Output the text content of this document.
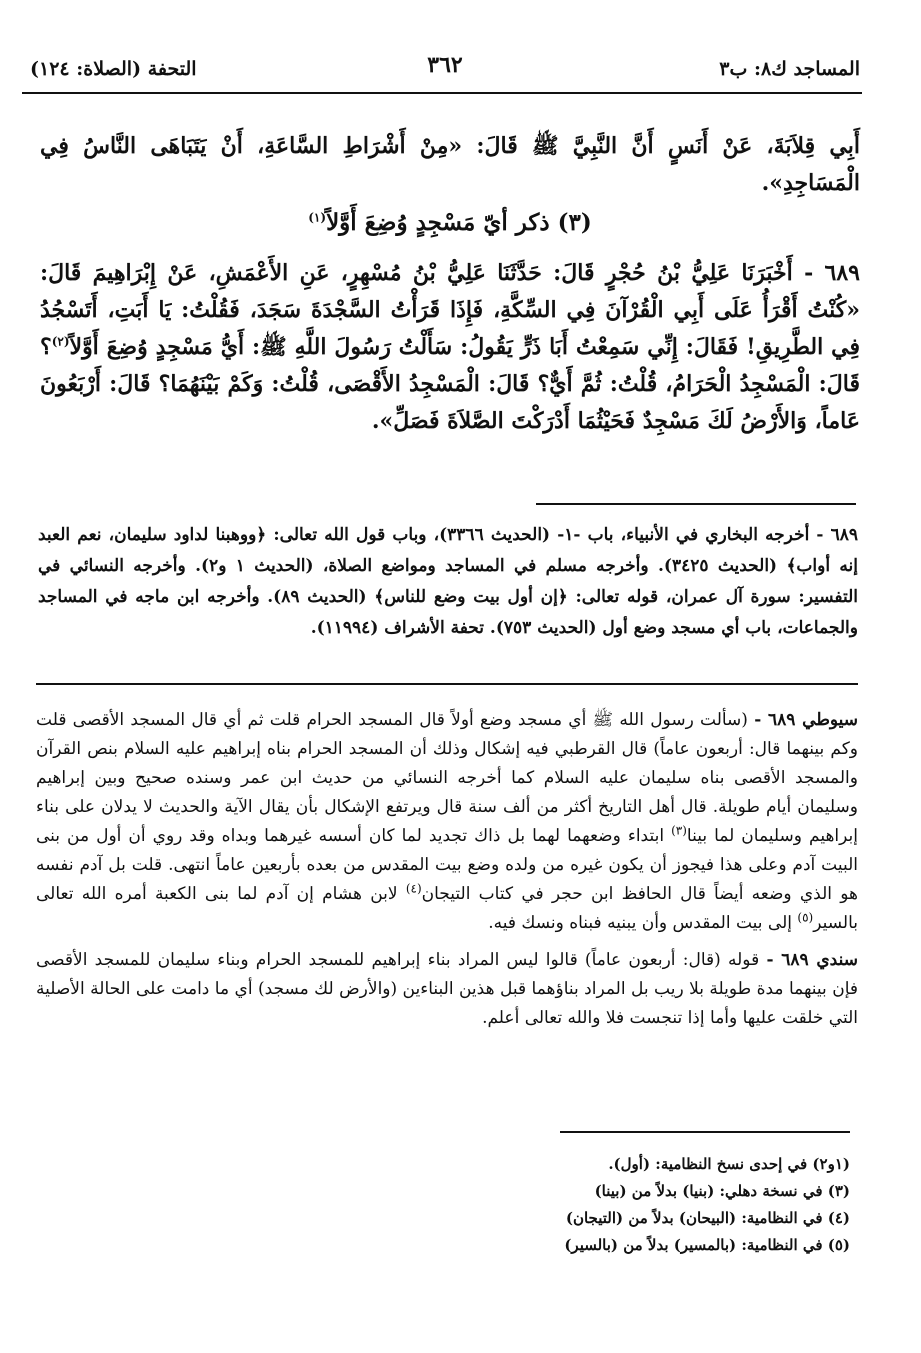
المساجد ك٨: ب٣
٣٦٢
التحفة (الصلاة: ١٢٤)

أَبِي قِلاَبَةَ، عَنْ أَنَسٍ أَنَّ النَّبِيَّ ﷺ قَالَ: «مِنْ أَشْرَاطِ السَّاعَةِ، أَنْ يَتَبَاهَى النَّاسُ فِي الْمَسَاجِدِ».

(٣) ذكر أيّ مَسْجِدٍ وُضِعَ أَوَّلاً$^{(١)}$

٦٨٩ - أَخْبَرَنَا عَلِيُّ بْنُ حُجْرٍ قَالَ: حَدَّثَنَا عَلِيُّ بْنُ مُسْهِرٍ، عَنِ الأَعْمَشِ، عَنْ إِبْرَاهِيمَ قَالَ: «كُنْتُ أَقْرَأُ عَلَى أَبِي الْقُرْآنَ فِي السِّكَّةِ، فَإِذَا قَرَأْتُ السَّجْدَةَ سَجَدَ، فَقُلْتُ: يَا أَبَتِ، أَتَسْجُدُ فِي الطَّرِيقِ! فَقَالَ: إِنِّي سَمِعْتُ أَبَا ذَرٍّ يَقُولُ: سَأَلْتُ رَسُولَ اللَّهِ ﷺ: أَيُّ مَسْجِدٍ وُضِعَ أَوَّلاً$^{(٢)}$؟ قَالَ: الْمَسْجِدُ الْحَرَامُ، قُلْتُ: ثُمَّ أَيٌّ؟ قَالَ: الْمَسْجِدُ الأَقْصَى، قُلْتُ: وَكَمْ بَيْنَهُمَا؟ قَالَ: أَرْبَعُونَ عَاماً، وَالأَرْضُ لَكَ مَسْجِدٌ فَحَيْثُمَا أَدْرَكْتَ الصَّلاَةَ فَصَلِّ».

٦٨٩ - أخرجه البخاري في الأنبياء، باب -١- (الحديث ٣٣٦٦)، وباب قول الله تعالى: ﴿ووهبنا لداود سليمان، نعم العبد إنه أواب﴾ (الحديث ٣٤٢٥). وأخرجه مسلم في المساجد ومواضع الصلاة، (الحديث ١ و٢). وأخرجه النسائي في التفسير: سورة آل عمران، قوله تعالى: ﴿إن أول بيت وضع للناس﴾ (الحديث ٨٩). وأخرجه ابن ماجه في المساجد والجماعات، باب أي مسجد وضع أول (الحديث ٧٥٣). تحفة الأشراف (١١٩٩٤).

سيوطي ٦٨٩ - (سألت رسول الله ﷺ أي مسجد وضع أولاً قال المسجد الحرام قلت ثم أي قال المسجد الأقصى قلت وكم بينهما قال: أربعون عاماً) قال القرطبي فيه إشكال وذلك أن المسجد الحرام بناه إبراهيم عليه السلام بنص القرآن والمسجد الأقصى بناه سليمان عليه السلام كما أخرجه النسائي من حديث ابن عمر وسنده صحيح وبين إبراهيم وسليمان أيام طويلة. قال أهل التاريخ أكثر من ألف سنة قال ويرتفع الإشكال بأن يقال الآية والحديث لا يدلان على بناء إبراهيم وسليمان لما بينا$^{(٣)}$ ابتداء وضعهما لهما بل ذاك تجديد لما كان أسسه غيرهما وبداه وقد روي أن أول من بنى البيت آدم وعلى هذا فيجوز أن يكون غيره من ولده وضع بيت المقدس من بعده بأربعين عاماً انتهى. قلت بل آدم نفسه هو الذي وضعه أيضاً قال الحافظ ابن حجر في كتاب التيجان$^{(٤)}$ لابن هشام إن آدم لما بنى الكعبة أمره الله تعالى بالسير$^{(٥)}$ إلى بيت المقدس وأن يبنيه فبناه ونسك فيه.

سندي ٦٨٩ - قوله (قال: أربعون عاماً) قالوا ليس المراد بناء إبراهيم للمسجد الحرام وبناء سليمان للمسجد الأقصى فإن بينهما مدة طويلة بلا ريب بل المراد بناؤهما قبل هذين البناءين (والأرض لك مسجد) أي ما دامت على الحالة الأصلية التي خلقت عليها وأما إذا تنجست فلا والله تعالى أعلم.

(١و٢) في إحدى نسخ النظامية: (أول).
(٣) في نسخة دهلي: (بنيا) بدلاً من (بينا)
(٤) في النظامية: (البيحان) بدلاً من (التيجان)
(٥) في النظامية: (بالمسير) بدلاً من (بالسير)
